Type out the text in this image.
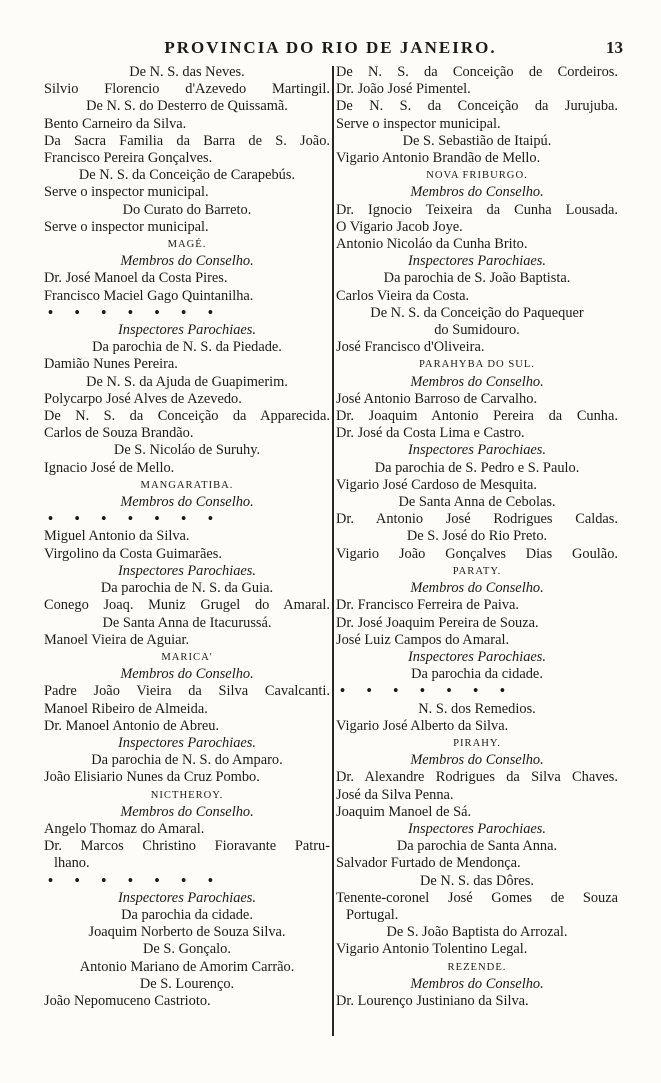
PROVINCIA DO RIO DE JANEIRO.	13
De N. S. das Neves.
Silvio Florencio d'Azevedo Martingil.
De N. S. do Desterro de Quissamã.
Bento Carneiro da Silva.
Da Sacra Familia da Barra de S. João.
Francisco Pereira Gonçalves.
De N. S. da Conceição de Carapebús.
Serve o inspector municipal.
Do Curato do Barreto.
Serve o inspector municipal.
MAGÉ.
Membros do Conselho.
Dr. José Manoel da Costa Pires.
Francisco Maciel Gago Quintanilha.
• • • • • • •
Inspectores Parochiaes.
Da parochia de N. S. da Piedade.
Damião Nunes Pereira.
De N. S. da Ajuda de Guapimerim.
Polycarpo José Alves de Azevedo.
De N. S. da Conceição da Apparecida.
Carlos de Souza Brandão.
De S. Nicoláo de Suruhy.
Ignacio José de Mello.
MANGARATIBA.
Membros do Conselho.
• • • • • • •
Miguel Antonio da Silva.
Virgolino da Costa Guimarães.
Inspectores Parochiaes.
Da parochia de N. S. da Guia.
Conego Joaq. Muniz Grugel do Amaral.
De Santa Anna de Itacurussá.
Manoel Vieira de Aguiar.
MARICA'
Membros do Conselho.
Padre João Vieira da Silva Cavalcanti.
Manoel Ribeiro de Almeida.
Dr. Manoel Antonio de Abreu.
Inspectores Parochiaes.
Da parochia de N. S. do Amparo.
João Elisiario Nunes da Cruz Pombo.
NICTHEROY.
Membros do Conselho.
Angelo Thomaz do Amaral.
Dr. Marcos Christino Fioravante Patru-
lhano.
• • • • • • •
Inspectores Parochiaes.
Da parochia da cidade.
Joaquim Norberto de Souza Silva.
De S. Gonçalo.
Antonio Mariano de Amorim Carrão.
De S. Lourenço.
João Nepomuceno Castrioto.
De N. S. da Conceição de Cordeiros.
Dr. João José Pimentel.
De N. S. da Conceição da Jurujuba.
Serve o inspector municipal.
De S. Sebastião de Itaipú.
Vigario Antonio Brandão de Mello.
NOVA FRIBURGO.
Membros do Conselho.
Dr. Ignocio Teixeira da Cunha Lousada.
O Vigario Jacob Joye.
Antonio Nicoláo da Cunha Brito.
Inspectores Parochiaes.
Da parochia de S. João Baptista.
Carlos Vieira da Costa.
De N. S. da Conceição do Paquequer
do Sumidouro.
José Francisco d'Oliveira.
PARAHYBA DO SUL.
Membros do Conselho.
José Antonio Barroso de Carvalho.
Dr. Joaquim Antonio Pereira da Cunha.
Dr. José da Costa Lima e Castro.
Inspectores Parochiaes.
Da parochia de S. Pedro e S. Paulo.
Vigario José Cardoso de Mesquita.
De Santa Anna de Cebolas.
Dr. Antonio José Rodrigues Caldas.
De S. José do Rio Preto.
Vigario João Gonçalves Dias Goulão.
PARATY.
Membros do Conselho.
Dr. Francisco Ferreira de Paiva.
Dr. José Joaquim Pereira de Souza.
José Luiz Campos do Amaral.
Inspectores Parochiaes.
Da parochia da cidade.
• • • • • • •
N. S. dos Remedios.
Vigario José Alberto da Silva.
PIRAHY.
Membros do Conselho.
Dr. Alexandre Rodrigues da Silva Chaves.
José da Silva Penna.
Joaquim Manoel de Sá.
Inspectores Parochiaes.
Da parochia de Santa Anna.
Salvador Furtado de Mendonça.
De N. S. das Dôres.
Tenente-coronel José Gomes de Souza
Portugal.
De S. João Baptista do Arrozal.
Vigario Antonio Tolentino Legal.
REZENDE.
Membros do Conselho.
Dr. Lourenço Justiniano da Silva.
